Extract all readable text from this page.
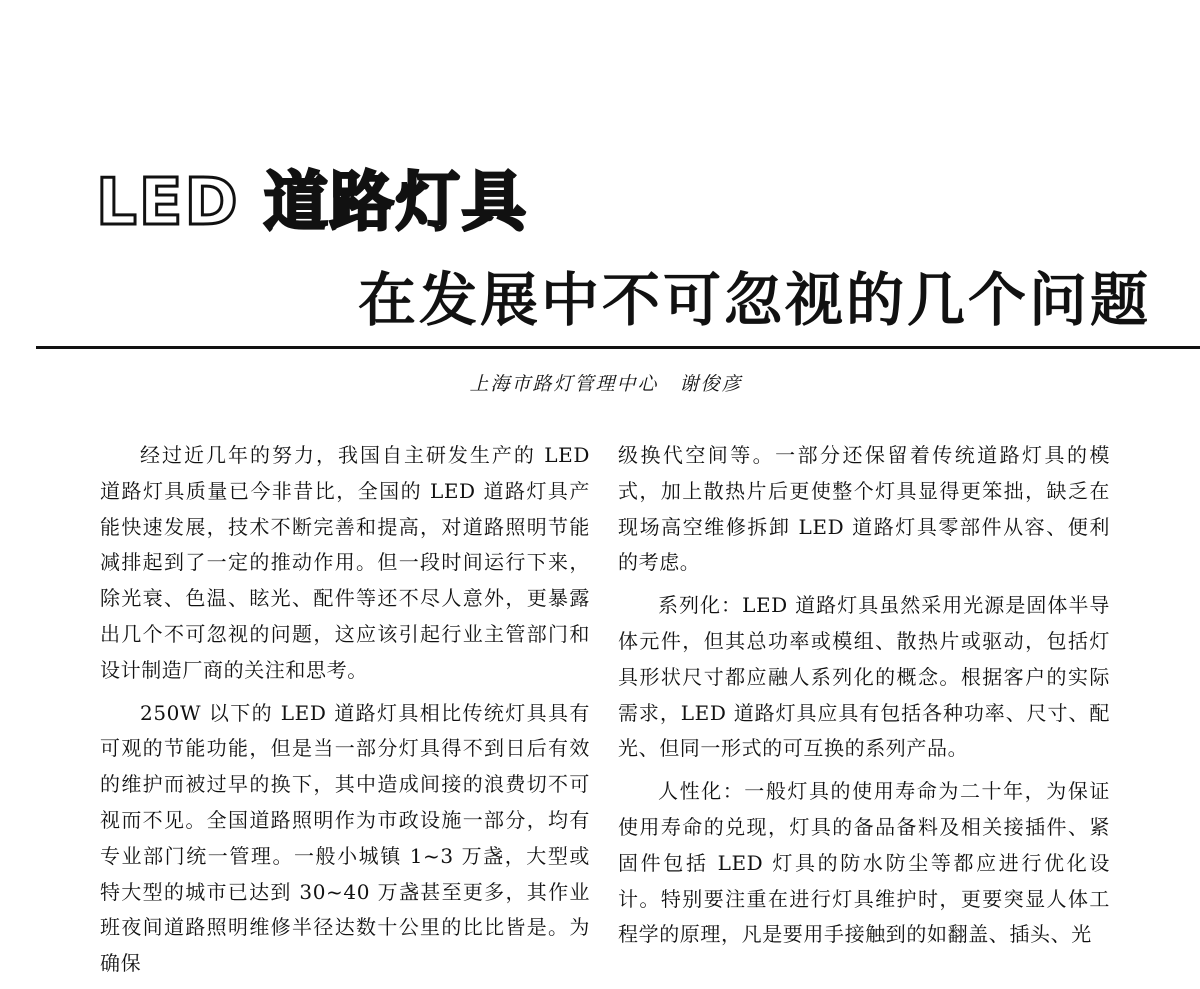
LED 道路灯具
在发展中不可忽视的几个问题
上海市路灯管理中心　谢俊彦

经过近几年的努力，我国自主研发生产的 LED 道路灯具质量已今非昔比，全国的 LED 道路灯具产能快速发展，技术不断完善和提高，对道路照明节能减排起到了一定的推动作用。但一段时间运行下来，除光衰、色温、眩光、配件等还不尽人意外，更暴露出几个不可忽视的问题，这应该引起行业主管部门和设计制造厂商的关注和思考。

250W 以下的 LED 道路灯具相比传统灯具具有可观的节能功能，但是当一部分灯具得不到日后有效的维护而被过早的换下，其中造成间接的浪费切不可视而不见。全国道路照明作为市政设施一部分，均有专业部门统一管理。一般小城镇 1~3 万盏，大型或特大型的城市已达到 30~40 万盏甚至更多，其作业班夜间道路照明维修半径达数十公里的比比皆是。为确保

级换代空间等。一部分还保留着传统道路灯具的模式，加上散热片后更使整个灯具显得更笨拙，缺乏在现场高空维修拆卸 LED 道路灯具零部件从容、便利的考虑。

系列化：LED 道路灯具虽然采用光源是固体半导体元件，但其总功率或模组、散热片或驱动，包括灯具形状尺寸都应融人系列化的概念。根据客户的实际需求，LED 道路灯具应具有包括各种功率、尺寸、配光、但同一形式的可互换的系列产品。

人性化：一般灯具的使用寿命为二十年，为保证使用寿命的兑现，灯具的备品备料及相关接插件、紧固件包括 LED 灯具的防水防尘等都应进行优化设计。特别要注重在进行灯具维护时，更要突显人体工程学的原理，凡是要用手接触到的如翻盖、插头、光
